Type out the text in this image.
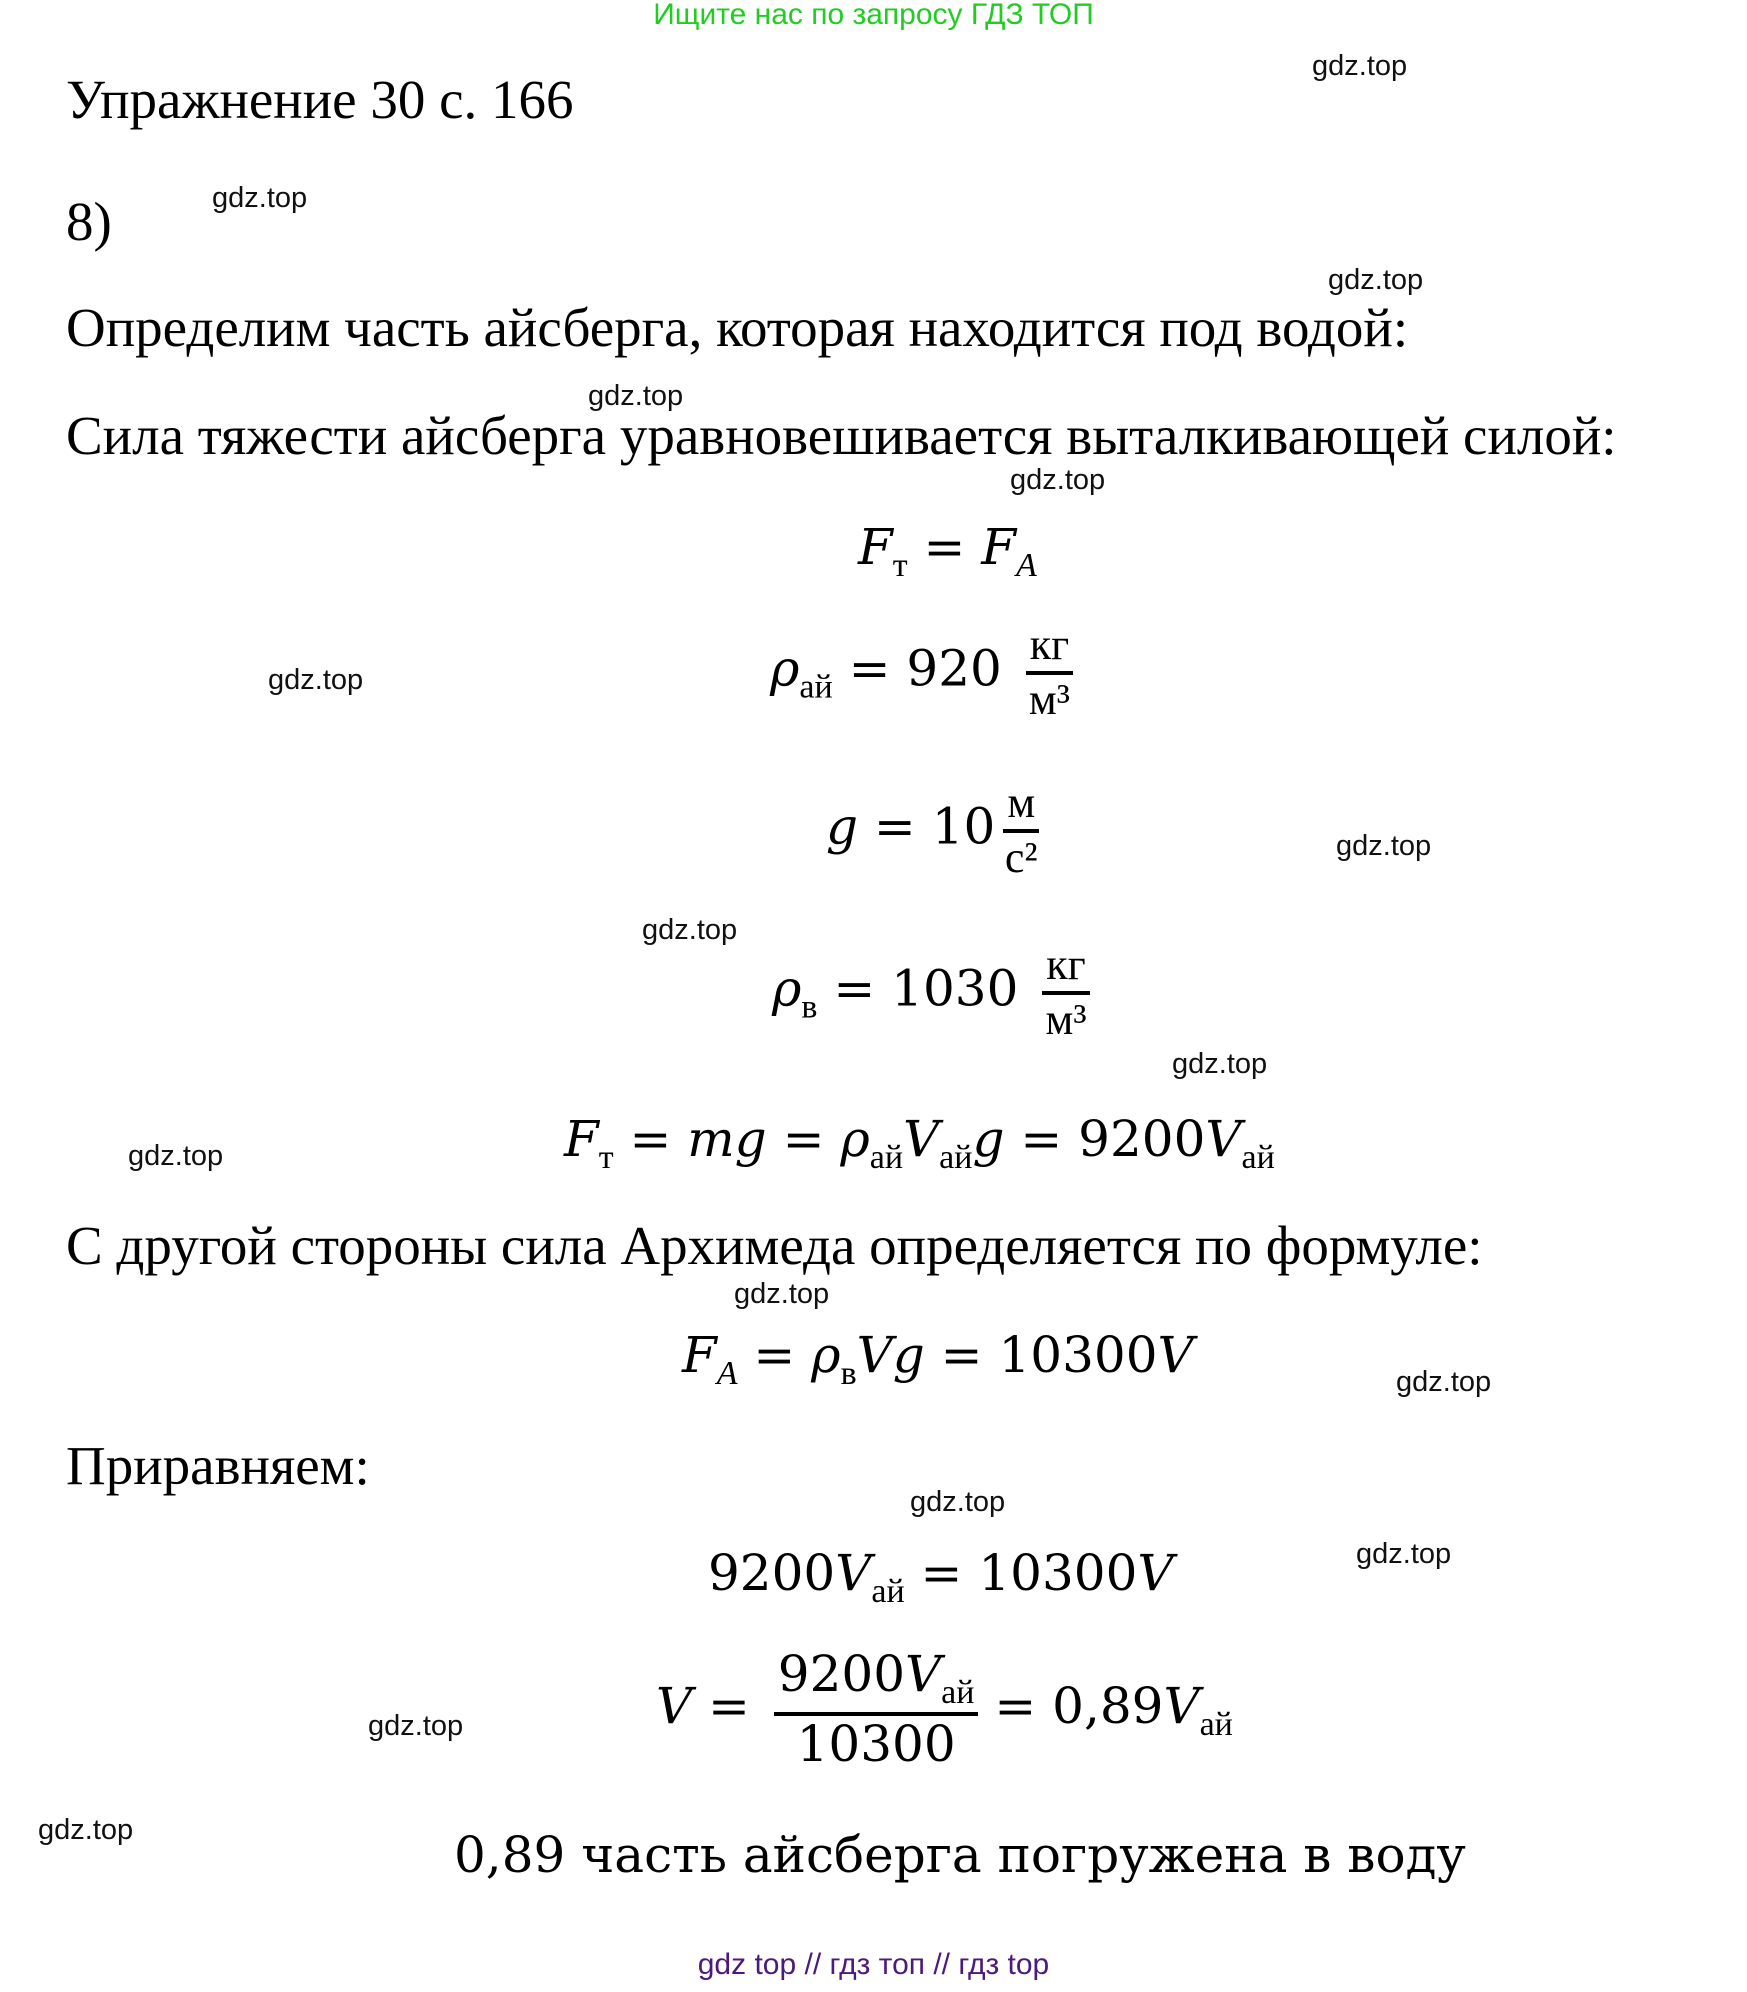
Ищите нас по запросу ГДЗ ТОП
Упражнение 30 с. 166
8)
Определим часть айсберга, которая находится под водой:
Сила тяжести айсберга уравновешивается выталкивающей силой:
$F_т = F_A$
$\rho_{ай} = 920 \frac{кг}{\text{м³}}$
$g = 10 \frac{м}{\text{с²}}$
$\rho_в = 1030 \frac{кг}{\text{м³}}$
$F_т$ = mg = $\rho_{ай}V_{ай}g = 9200V_{ай}$
С другой стороны сила Архимеда определяется по формуле:
$F_A = \rho_вVg = 10300V$
Приравняем:
$9200V_{ай} = 10300V$
$V = \frac{9200V_{ай}}{10300} = 0,89V_{ай}$
0,89 часть айсберга погружена в воду
gdz.top
gdz.top
gdz.top
gdz.top
gdz.top
gdz.top
gdz.top
gdz.top
gdz.top
gdz.top
gdz.top
gdz.top
gdz.top
gdz.top
gdz.top
gdz.top
gdz top // гдз топ // гдз top
